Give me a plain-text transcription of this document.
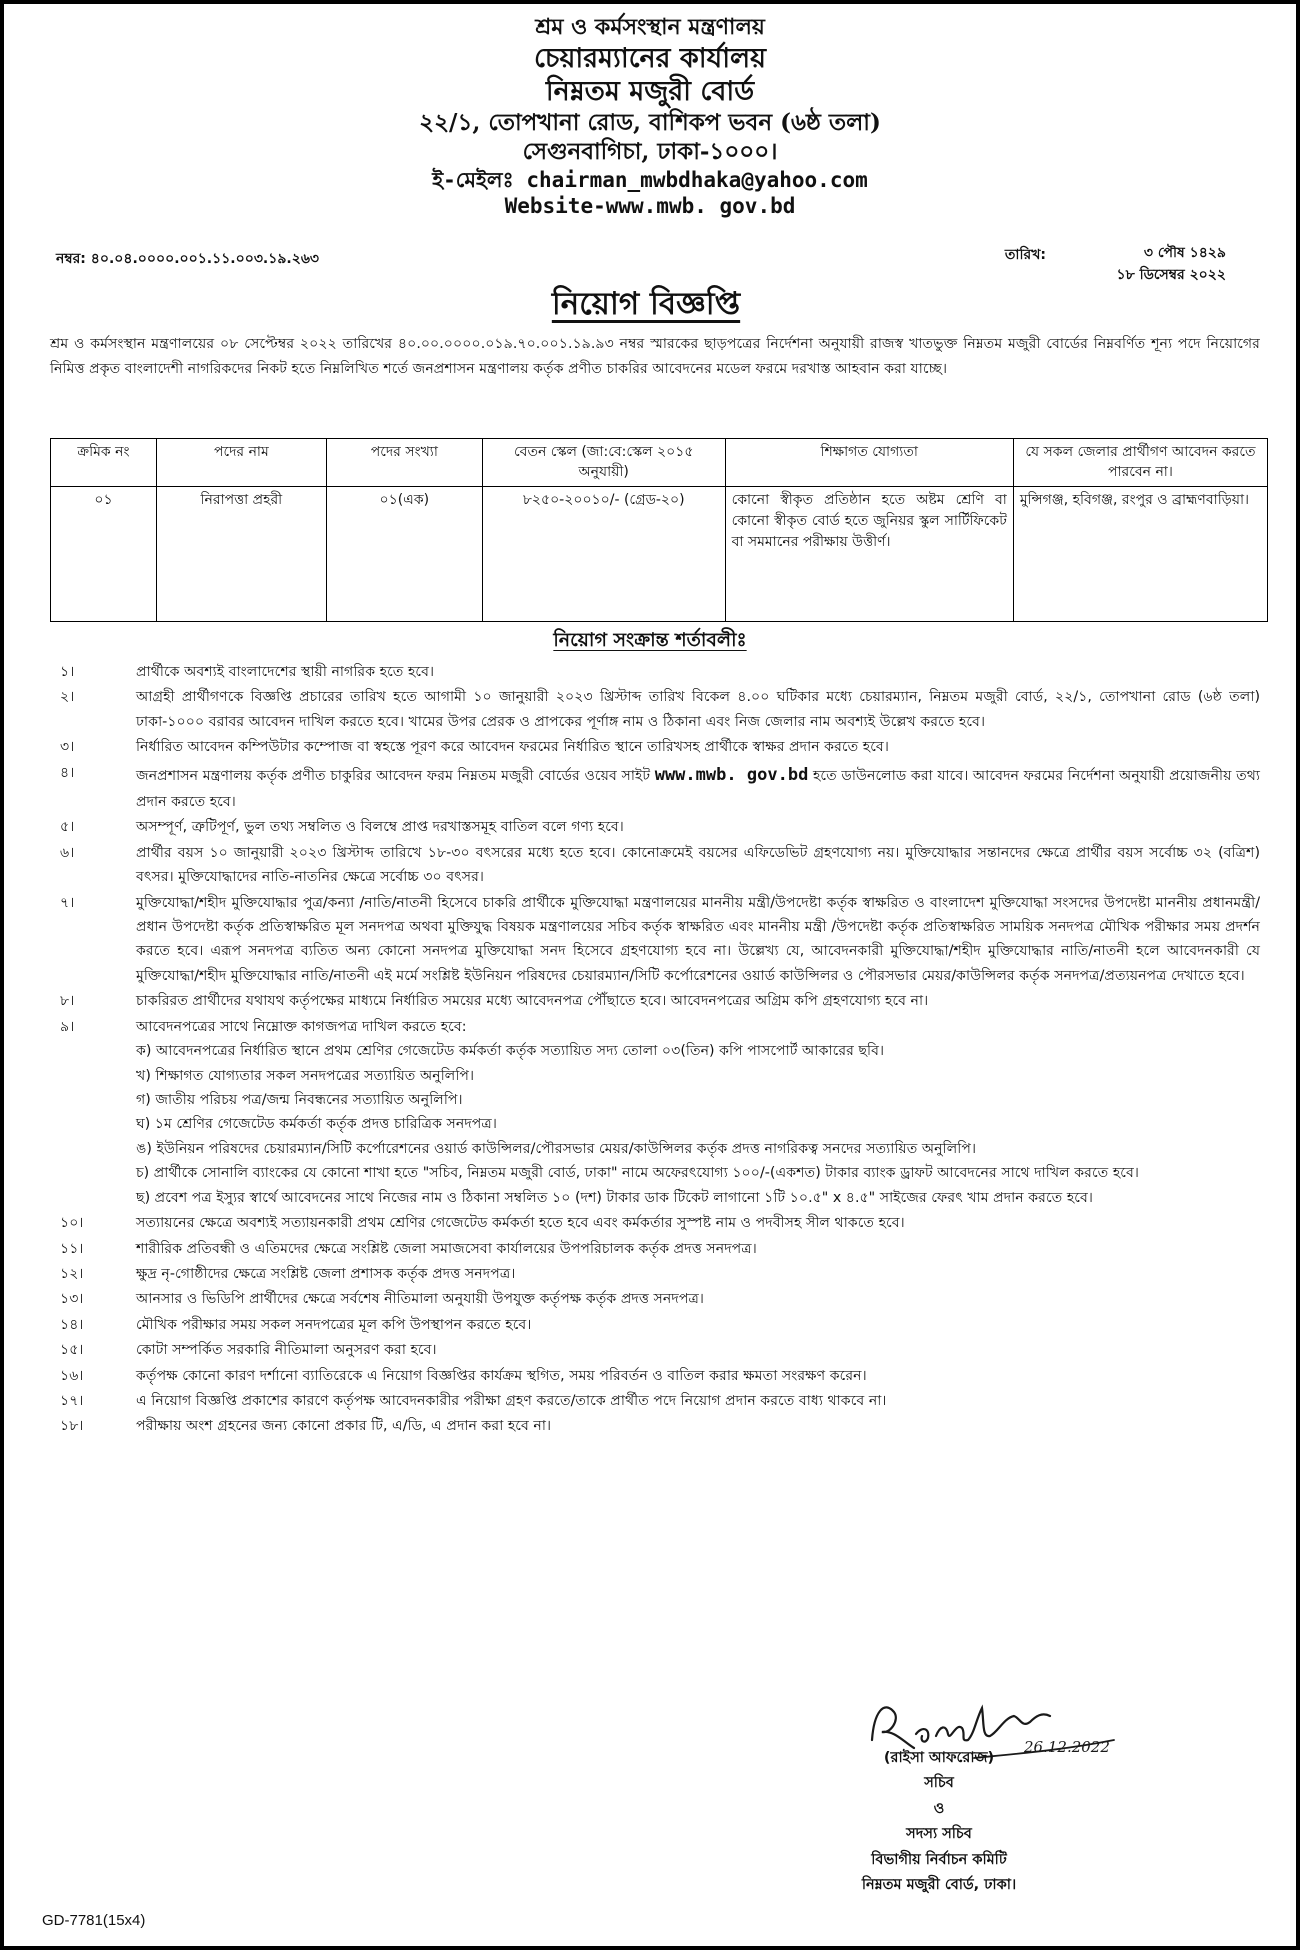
শ্রম ও কর্মসংস্থান মন্ত্রণালয়
চেয়ারম্যানের কার্যালয়
নিম্নতম মজুরী বোর্ড
২২/১, তোপখানা রোড, বাশিকপ ভবন (৬ষ্ঠ তলা)
সেগুনবাগিচা, ঢাকা-১০০০।
ই-মেইলঃ chairman_mwbdhaka@yahoo.com
Website-www.mwb. gov.bd
নম্বর: ৪০.০৪.০০০০.০০১.১১.০০৩.১৯.২৬৩	তারিখ:	৩ পৌষ ১৪২৯
১৮ ডিসেম্বর ২০২২
নিয়োগ বিজ্ঞপ্তি
শ্রম ও কর্মসংস্থান মন্ত্রণালয়ের ০৮ সেপ্টেম্বর ২০২২ তারিখের ৪০.০০.০০০০.০১৯.৭০.০০১.১৯.৯৩ নম্বর স্মারকের ছাড়পত্রের নির্দেশনা অনুযায়ী রাজস্ব খাতভুক্ত নিম্নতম মজুরী বোর্ডের নিম্নবর্ণিত শূন্য পদে নিয়োগের নিমিত্ত প্রকৃত বাংলাদেশী নাগরিকদের নিকট হতে নিম্নলিখিত শর্তে জনপ্রশাসন মন্ত্রণালয় কর্তৃক প্রণীত চাকরির আবেদনের মডেল ফরমে দরখাস্ত আহবান করা যাচ্ছে।
ক্রমিক নং	পদের নাম	পদের সংখ্যা	বেতন স্কেল (জা:বে:স্কেল ২০১৫ অনুযায়ী)	শিক্ষাগত যোগ্যতা	যে সকল জেলার প্রার্থীগণ আবেদন করতে পারবেন না।
০১	নিরাপত্তা প্রহরী	০১(এক)	৮২৫০-২০০১০/- (গ্রেড-২০)	কোনো স্বীকৃত প্রতিষ্ঠান হতে অষ্টম শ্রেণি বা কোনো স্বীকৃত বোর্ড হতে জুনিয়র স্কুল সার্টিফিকেট বা সমমানের পরীক্ষায় উত্তীর্ণ।	মুন্সিগঞ্জ, হবিগঞ্জ, রংপুর ও ব্রাহ্মণবাড়িয়া।
নিয়োগ সংক্রান্ত শর্তাবলীঃ
১।	প্রার্থীকে অবশ্যই বাংলাদেশের স্থায়ী নাগরিক হতে হবে।
২।	আগ্রহী প্রার্থীগণকে বিজ্ঞপ্তি প্রচারের তারিখ হতে আগামী ১০ জানুয়ারী ২০২৩ খ্রিস্টাব্দ তারিখ বিকেল ৪.০০ ঘটিকার মধ্যে চেয়ারম্যান, নিম্নতম মজুরী বোর্ড, ২২/১, তোপখানা রোড (৬ষ্ঠ তলা) ঢাকা-১০০০ বরাবর আবেদন দাখিল করতে হবে। খামের উপর প্রেরক ও প্রাপকের পূর্ণাঙ্গ নাম ও ঠিকানা এবং নিজ জেলার নাম অবশ্যই উল্লেখ করতে হবে।
৩।	নির্ধারিত আবেদন কম্পিউটার কম্পোজ বা স্বহস্তে পূরণ করে আবেদন ফরমের নির্ধারিত স্থানে তারিখসহ প্রার্থীকে স্বাক্ষর প্রদান করতে হবে।
৪।	জনপ্রশাসন মন্ত্রণালয় কর্তৃক প্রণীত চাকুরির আবেদন ফরম নিম্নতম মজুরী বোর্ডের ওয়েব সাইট www.mwb. gov.bd হতে ডাউনলোড করা যাবে। আবেদন ফরমের নির্দেশনা অনুযায়ী প্রয়োজনীয় তথ্য প্রদান করতে হবে।
৫।	অসম্পূর্ণ, ত্রুটিপূর্ণ, ভুল তথ্য সম্বলিত ও বিলম্বে প্রাপ্ত দরখাস্তসমূহ বাতিল বলে গণ্য হবে।
৬।	প্রার্থীর বয়স ১০ জানুয়ারী ২০২৩ খ্রিস্টাব্দ তারিখে ১৮-৩০ বৎসরের মধ্যে হতে হবে। কোনোক্রমেই বয়সের এফিডেভিট গ্রহণযোগ্য নয়। মুক্তিযোদ্ধার সন্তানদের ক্ষেত্রে প্রার্থীর বয়স সর্বোচ্চ ৩২ (বত্রিশ) বৎসর। মুক্তিযোদ্ধাদের নাতি-নাতনির ক্ষেত্রে সর্বোচ্চ ৩০ বৎসর।
৭।	মুক্তিযোদ্ধা/শহীদ মুক্তিযোদ্ধার পুত্র/কন্যা /নাতি/নাতনী হিসেবে চাকরি প্রার্থীকে মুক্তিযোদ্ধা মন্ত্রণালয়ের মাননীয় মন্ত্রী/উপদেষ্টা কর্তৃক স্বাক্ষরিত ও বাংলাদেশ মুক্তিযোদ্ধা সংসদের উপদেষ্টা মাননীয় প্রধানমন্ত্রী/প্রধান উপদেষ্টা কর্তৃক প্রতিস্বাক্ষরিত মূল সনদপত্র অথবা মুক্তিযুদ্ধ বিষয়ক মন্ত্রণালয়ের সচিব কর্তৃক স্বাক্ষরিত এবং মাননীয় মন্ত্রী /উপদেষ্টা কর্তৃক প্রতিস্বাক্ষরিত সাময়িক সনদপত্র মৌখিক পরীক্ষার সময় প্রদর্শন করতে হবে। এরূপ সনদপত্র ব্যতিত অন্য কোনো সনদপত্র মুক্তিযোদ্ধা সনদ হিসেবে গ্রহণযোগ্য হবে না। উল্লেখ্য যে, আবেদনকারী মুক্তিযোদ্ধা/শহীদ মুক্তিযোদ্ধার নাতি/নাতনী হলে আবেদনকারী যে মুক্তিযোদ্ধা/শহীদ মুক্তিযোদ্ধার নাতি/নাতনী এই মর্মে সংশ্লিষ্ট ইউনিয়ন পরিষদের চেয়ারম্যান/সিটি কর্পোরেশনের ওয়ার্ড কাউন্সিলর ও পৌরসভার মেয়র/কাউন্সিলর কর্তৃক সনদপত্র/প্রত্যয়নপত্র দেখাতে হবে।
৮।	চাকরিরত প্রার্থীদের যথাযথ কর্তৃপক্ষের মাধ্যমে নির্ধারিত সময়ের মধ্যে আবেদনপত্র পৌঁছাতে হবে। আবেদনপত্রের অগ্রিম কপি গ্রহণযোগ্য হবে না।
৯।	আবেদনপত্রের সাথে নিম্নোক্ত কাগজপত্র দাখিল করতে হবে:
ক) আবেদনপত্রের নির্ধারিত স্থানে প্রথম শ্রেণির গেজেটেড কর্মকর্তা কর্তৃক সত্যায়িত সদ্য তোলা ০৩(তিন) কপি পাসপোর্ট আকারের ছবি।
খ) শিক্ষাগত যোগ্যতার সকল সনদপত্রের সত্যায়িত অনুলিপি।
গ) জাতীয় পরিচয় পত্র/জন্ম নিবন্ধনের সত্যায়িত অনুলিপি।
ঘ) ১ম শ্রেণির গেজেটেড কর্মকর্তা কর্তৃক প্রদত্ত চারিত্রিক সনদপত্র।
ঙ) ইউনিয়ন পরিষদের চেয়ারম্যান/সিটি কর্পোরেশনের ওয়ার্ড কাউন্সিলর/পৌরসভার মেয়র/কাউন্সিলর কর্তৃক প্রদত্ত নাগরিকত্ব সনদের সত্যায়িত অনুলিপি।
চ) প্রার্থীকে সোনালি ব্যাংকের যে কোনো শাখা হতে "সচিব, নিম্নতম মজুরী বোর্ড, ঢাকা" নামে অফেরৎযোগ্য ১০০/-(একশত) টাকার ব্যাংক ড্রাফট আবেদনের সাথে দাখিল করতে হবে।
ছ) প্রবেশ পত্র ইস্যুর স্বার্থে আবেদনের সাথে নিজের নাম ও ঠিকানা সম্বলিত ১০ (দশ) টাকার ডাক টিকেট লাগানো ১টি ১০.৫" x ৪.৫" সাইজের ফেরৎ খাম প্রদান করতে হবে।
১০।	সত্যায়নের ক্ষেত্রে অবশ্যই সত্যায়নকারী প্রথম শ্রেণির গেজেটেড কর্মকর্তা হতে হবে এবং কর্মকর্তার সুস্পষ্ট নাম ও পদবীসহ সীল থাকতে হবে।
১১।	শারীরিক প্রতিবন্ধী ও এতিমদের ক্ষেত্রে সংশ্লিষ্ট জেলা সমাজসেবা কার্যালয়ের উপপরিচালক কর্তৃক প্রদত্ত সনদপত্র।
১২।	ক্ষুদ্র নৃ-গোষ্ঠীদের ক্ষেত্রে সংশ্লিষ্ট জেলা প্রশাসক কর্তৃক প্রদত্ত সনদপত্র।
১৩।	আনসার ও ভিডিপি প্রার্থীদের ক্ষেত্রে সর্বশেষ নীতিমালা অনুযায়ী উপযুক্ত কর্তৃপক্ষ কর্তৃক প্রদত্ত সনদপত্র।
১৪।	মৌখিক পরীক্ষার সময় সকল সনদপত্রের মূল কপি উপস্থাপন করতে হবে।
১৫।	কোটা সম্পর্কিত সরকারি নীতিমালা অনুসরণ করা হবে।
১৬।	কর্তৃপক্ষ কোনো কারণ দর্শানো ব্যাতিরেকে এ নিয়োগ বিজ্ঞপ্তির কার্যক্রম স্থগিত, সময় পরিবর্তন ও বাতিল করার ক্ষমতা সংরক্ষণ করেন।
১৭।	এ নিয়োগ বিজ্ঞপ্তি প্রকাশের কারণে কর্তৃপক্ষ আবেদনকারীর পরীক্ষা গ্রহণ করতে/তাকে প্রার্থীত পদে নিয়োগ প্রদান করতে বাধ্য থাকবে না।
১৮।	পরীক্ষায় অংশ গ্রহনের জন্য কোনো প্রকার টি, এ/ডি, এ প্রদান করা হবে না।
26.12.2022
(রাইসা আফরোজ)
সচিব
ও
সদস্য সচিব
বিভাগীয় নির্বাচন কমিটি
নিম্নতম মজুরী বোর্ড, ঢাকা।
GD-7781(15x4)
